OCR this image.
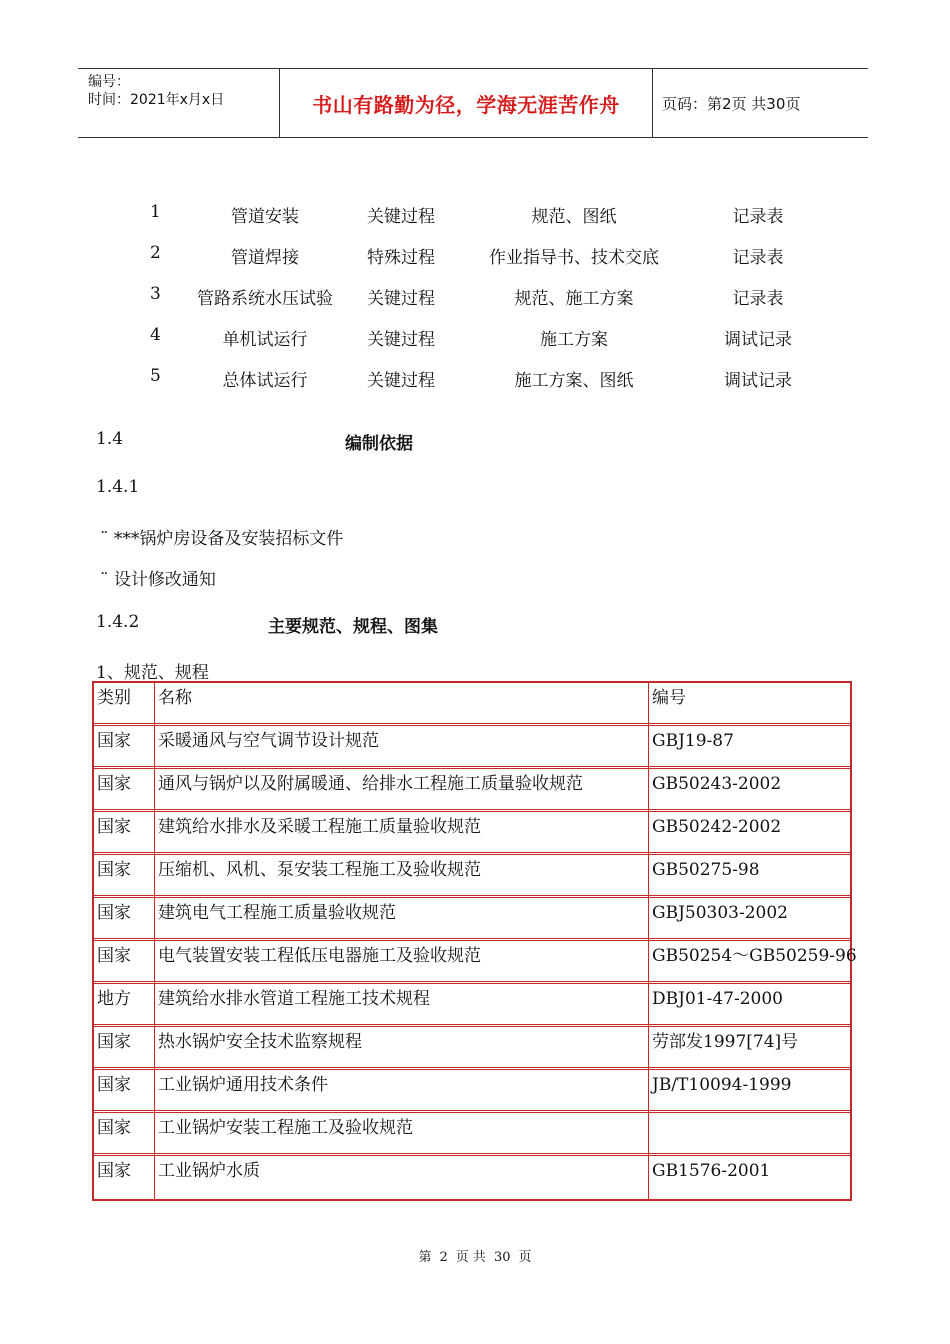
编号：
时间：2021年x月x日	书山有路勤为径，学海无涯苦作舟	页码：第2页 共30页
1	管道安装	关键过程	规范、图纸	记录表
2	管道焊接	特殊过程	作业指导书、技术交底	记录表
3	管路系统水压试验	关键过程	规范、施工方案	记录表
4	单机试运行	关键过程	施工方案	调试记录
5	总体试运行	关键过程	施工方案、图纸	调试记录
1.4	编制依据
1.4.1
¨ ***锅炉房设备及安装招标文件
¨ 设计修改通知
1.4.2	主要规范、规程、图集
1、规范、规程
类别	名称	编号
国家	采暖通风与空气调节设计规范	GBJ19-87
国家	通风与锅炉以及附属暖通、给排水工程施工质量验收规范	GB50243-2002
国家	建筑给水排水及采暖工程施工质量验收规范	GB50242-2002
国家	压缩机、风机、泵安装工程施工及验收规范	GB50275-98
国家	建筑电气工程施工质量验收规范	GBJ50303-2002
国家	电气装置安装工程低压电器施工及验收规范	GB50254～GB50259-96
地方	建筑给水排水管道工程施工技术规程	DBJ01-47-2000
国家	热水锅炉安全技术监察规程	劳部发1997[74]号
国家	工业锅炉通用技术条件	JB/T10094-1999
国家	工业锅炉安装工程施工及验收规范
国家	工业锅炉水质	GB1576-2001
第 2 页 共 30 页
